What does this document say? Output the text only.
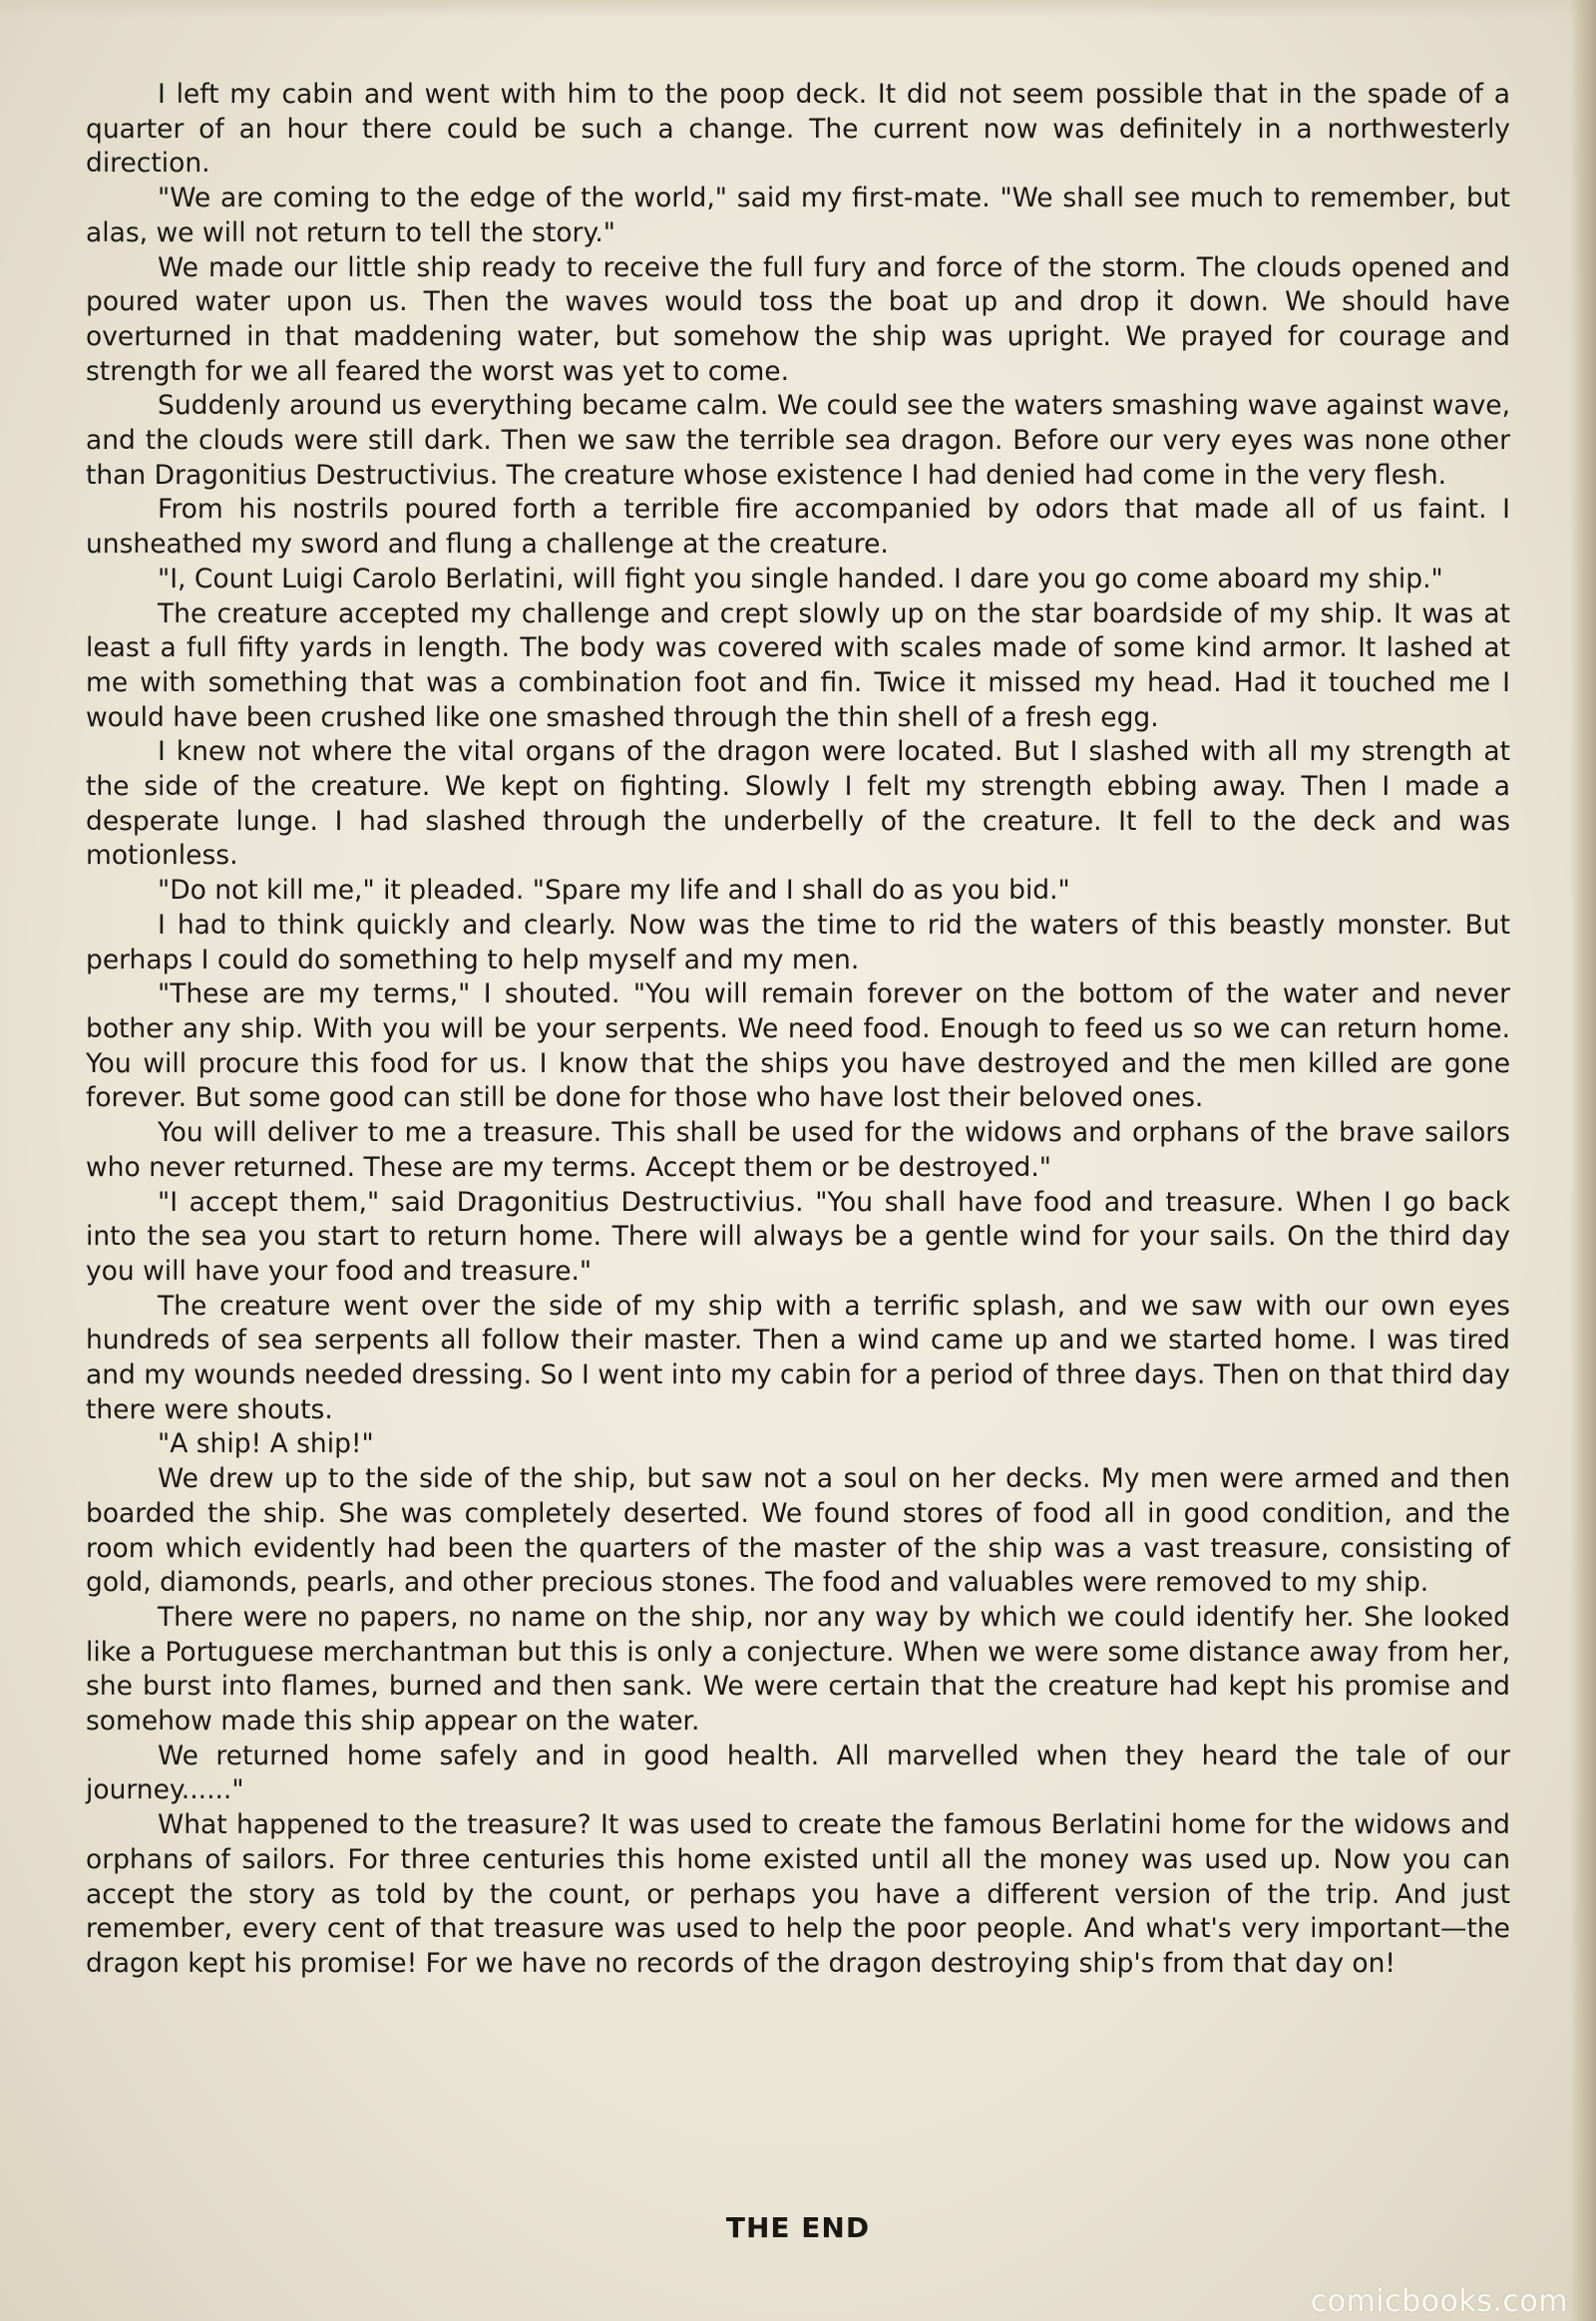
I left my cabin and went with him to the poop deck. It did not seem possible that in the spade of a quarter of an hour there could be such a change. The current now was definitely in a northwesterly direction.

"We are coming to the edge of the world," said my first-mate. "We shall see much to remember, but alas, we will not return to tell the story."

We made our little ship ready to receive the full fury and force of the storm. The clouds opened and poured water upon us. Then the waves would toss the boat up and drop it down. We should have overturned in that maddening water, but somehow the ship was upright. We prayed for courage and strength for we all feared the worst was yet to come.

Suddenly around us everything became calm. We could see the waters smashing wave against wave, and the clouds were still dark. Then we saw the terrible sea dragon. Before our very eyes was none other than Dragonitius Destructivius. The creature whose existence I had denied had come in the very flesh.

From his nostrils poured forth a terrible fire accompanied by odors that made all of us faint. I unsheathed my sword and flung a challenge at the creature.

"I, Count Luigi Carolo Berlatini, will fight you single handed. I dare you go come aboard my ship."

The creature accepted my challenge and crept slowly up on the star boardside of my ship. It was at least a full fifty yards in length. The body was covered with scales made of some kind armor. It lashed at me with something that was a combination foot and fin. Twice it missed my head. Had it touched me I would have been crushed like one smashed through the thin shell of a fresh egg.

I knew not where the vital organs of the dragon were located. But I slashed with all my strength at the side of the creature. We kept on fighting. Slowly I felt my strength ebbing away. Then I made a desperate lunge. I had slashed through the underbelly of the creature. It fell to the deck and was motionless.

"Do not kill me," it pleaded. "Spare my life and I shall do as you bid."

I had to think quickly and clearly. Now was the time to rid the waters of this beastly monster. But perhaps I could do something to help myself and my men.

"These are my terms," I shouted. "You will remain forever on the bottom of the water and never bother any ship. With you will be your serpents. We need food. Enough to feed us so we can return home. You will procure this food for us. I know that the ships you have destroyed and the men killed are gone forever. But some good can still be done for those who have lost their beloved ones.

You will deliver to me a treasure. This shall be used for the widows and orphans of the brave sailors who never returned. These are my terms. Accept them or be destroyed."

"I accept them," said Dragonitius Destructivius. "You shall have food and treasure. When I go back into the sea you start to return home. There will always be a gentle wind for your sails. On the third day you will have your food and treasure."

The creature went over the side of my ship with a terrific splash, and we saw with our own eyes hundreds of sea serpents all follow their master. Then a wind came up and we started home. I was tired and my wounds needed dressing. So I went into my cabin for a period of three days. Then on that third day there were shouts.

"A ship! A ship!"

We drew up to the side of the ship, but saw not a soul on her decks. My men were armed and then boarded the ship. She was completely deserted. We found stores of food all in good condition, and the room which evidently had been the quarters of the master of the ship was a vast treasure, consisting of gold, diamonds, pearls, and other precious stones. The food and valuables were removed to my ship.

There were no papers, no name on the ship, nor any way by which we could identify her. She looked like a Portuguese merchantman but this is only a conjecture. When we were some distance away from her, she burst into flames, burned and then sank. We were certain that the creature had kept his promise and somehow made this ship appear on the water.

We returned home safely and in good health. All marvelled when they heard the tale of our journey......"

What happened to the treasure? It was used to create the famous Berlatini home for the widows and orphans of sailors. For three centuries this home existed until all the money was used up. Now you can accept the story as told by the count, or perhaps you have a different version of the trip. And just remember, every cent of that treasure was used to help the poor people. And what's very important—the dragon kept his promise! For we have no records of the dragon destroying ship's from that day on!

THE END
comicbooks.com
